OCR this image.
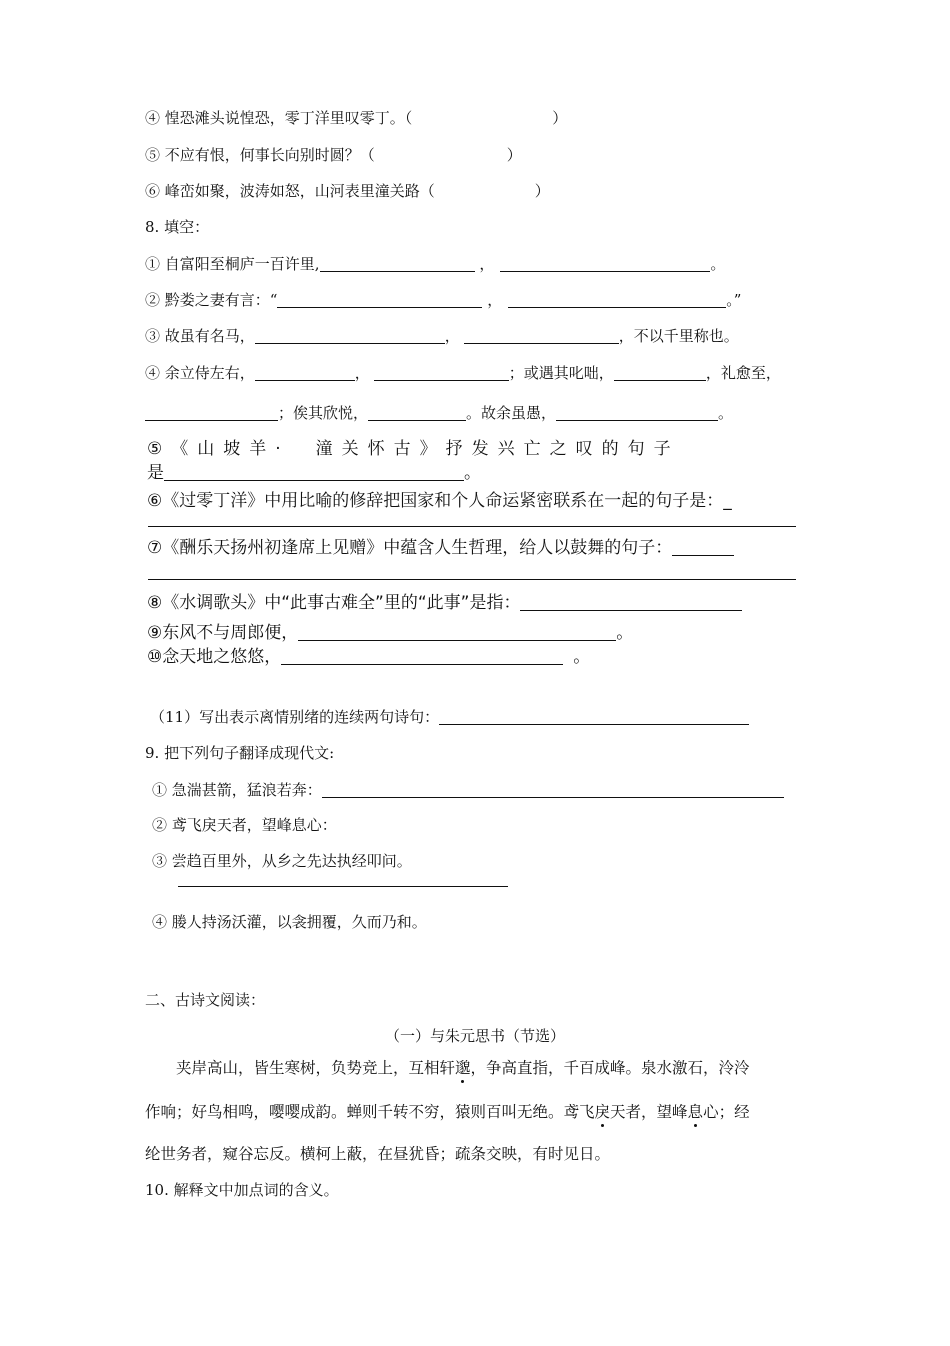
④ 惶恐滩头说惶恐，零丁洋里叹零丁。（	）
⑤ 不应有恨，何事长向别时圆？（	）
⑥ 峰峦如聚，波涛如怒，山河表里潼关路（	）
8. 填空：
① 自富阳至桐庐一百许里,	，	。
② 黔娄之妻有言：“	，	。”
③ 故虽有名马，	，	，不以千里称也。
④ 余立侍左右，	，	；或遇其叱咄，	，礼愈至，
；俟其欣悦，	。故余虽愚，	。
⑤《山坡羊·　潼关怀古》抒发兴亡之叹的句子
是	。
⑥《过零丁洋》中用比喻的修辞把国家和个人命运紧密联系在一起的句子是：_
⑦《酬乐天扬州初逢席上见赠》中蕴含人生哲理，给人以鼓舞的句子：
⑧《水调歌头》中“此事古难全”里的“此事”是指：
⑨东风不与周郎便，	。
⑩念天地之悠悠，	。
（11）写出表示离情别绪的连续两句诗句：
9. 把下列句子翻译成现代文:
① 急湍甚箭，猛浪若奔：
② 鸢飞戾天者，望峰息心：
③ 尝趋百里外，从乡之先达执经叩问。
④ 媵人持汤沃灌，以衾拥覆，久而乃和。
二、古诗文阅读：
（一）与朱元思书（节选）
夹岸高山，皆生寒树，负势竞上，互相轩邈，争高直指，千百成峰。泉水激石，泠泠
作响；好鸟相鸣，嘤嘤成韵。蝉则千转不穷，猿则百叫无绝。鸢飞戾天者，望峰息心；经
纶世务者，窥谷忘反。横柯上蔽，在昼犹昏；疏条交映，有时见日。
10. 解释文中加点词的含义。
